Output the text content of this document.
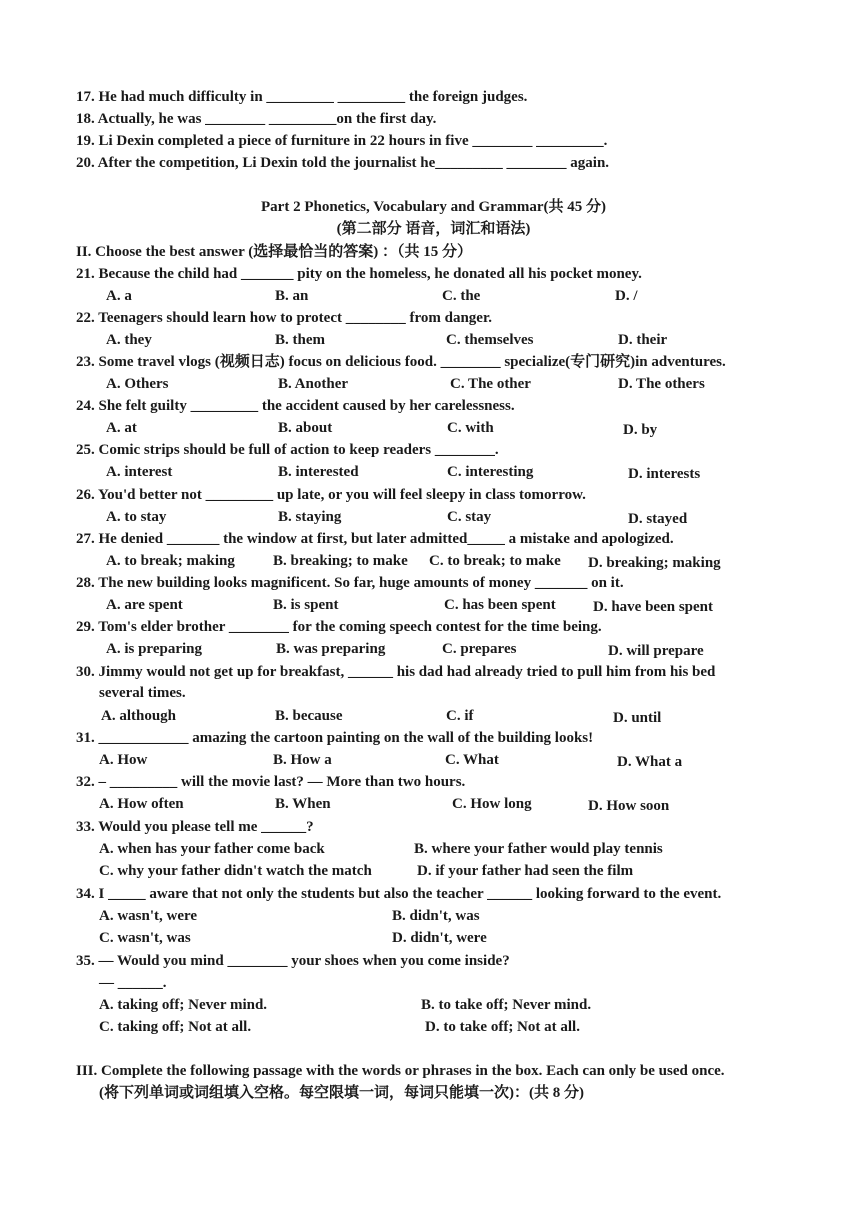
17. He had much difficulty in _________ _________ the foreign judges.
18. Actually, he was ________ _________on the first day.
19. Li Dexin completed a piece of furniture in 22 hours in five ________ _________.
20. After the competition, Li Dexin told the journalist he_________ ________ again.
Part 2 Phonetics, Vocabulary and Grammar(共 45 分)
(第二部分 语音，词汇和语法)
II. Choose the best answer (选择最恰当的答案) ：（共 15 分）
21. Because the child had _______ pity on the homeless, he donated all his pocket money.
A. a	B. an	C. the	D. /
22. Teenagers should learn how to protect ________ from danger.
A. they	B. them	C. themselves	D. their
23. Some travel vlogs (视频日志) focus on delicious food. ________ specialize(专门研究)in adventures.
A. Others	B. Another	C. The other	D. The others
24. She felt guilty _________ the accident caused by her carelessness.
A. at	B. about	C. with	D. by
25. Comic strips should be full of action to keep readers ________.
A. interest	B. interested	C. interesting	D. interests
26. You'd better not _________ up late, or you will feel sleepy in class tomorrow.
A. to stay	B. staying	C. stay	D. stayed
27. He denied _______ the window at first, but later admitted_____ a mistake and apologized.
A. to break; making	B. breaking; to make C. to break; to make D. breaking; making
28. The new building looks magnificent. So far, huge amounts of money _______ on it.
A. are spent	B. is spent	C. has been spent D. have been spent
29. Tom's elder brother ________ for the coming speech contest for the time being.
A. is preparing	B. was preparing	C. prepares	D. will prepare
30. Jimmy would not get up for breakfast, ______ his dad had already tried to pull him from his bed
several times.
A. although	B. because	C. if	D. until
31. ____________ amazing the cartoon painting on the wall of the building looks!
A. How	B. How a	C. What	D. What a
32. – _________ will the movie last? — More than two hours.
A. How often	B. When	C. How long	D. How soon
33. Would you please tell me ______?
A. when has your father come back	B. where your father would play tennis
C. why your father didn't watch the match	D. if your father had seen the film
34. I _____ aware that not only the students but also the teacher ______ looking forward to the event.
A. wasn't, were	B. didn't, was
C. wasn't, was	D. didn't, were
35. — Would you mind ________ your shoes when you come inside?
— ______.
A. taking off; Never mind.	B. to take off; Never mind.
C. taking off; Not at all.	D. to take off; Not at all.
III. Complete the following passage with the words or phrases in the box. Each can only be used once.
(将下列单词或词组填入空格。每空限填一词，每词只能填一次)：(共 8 分)
